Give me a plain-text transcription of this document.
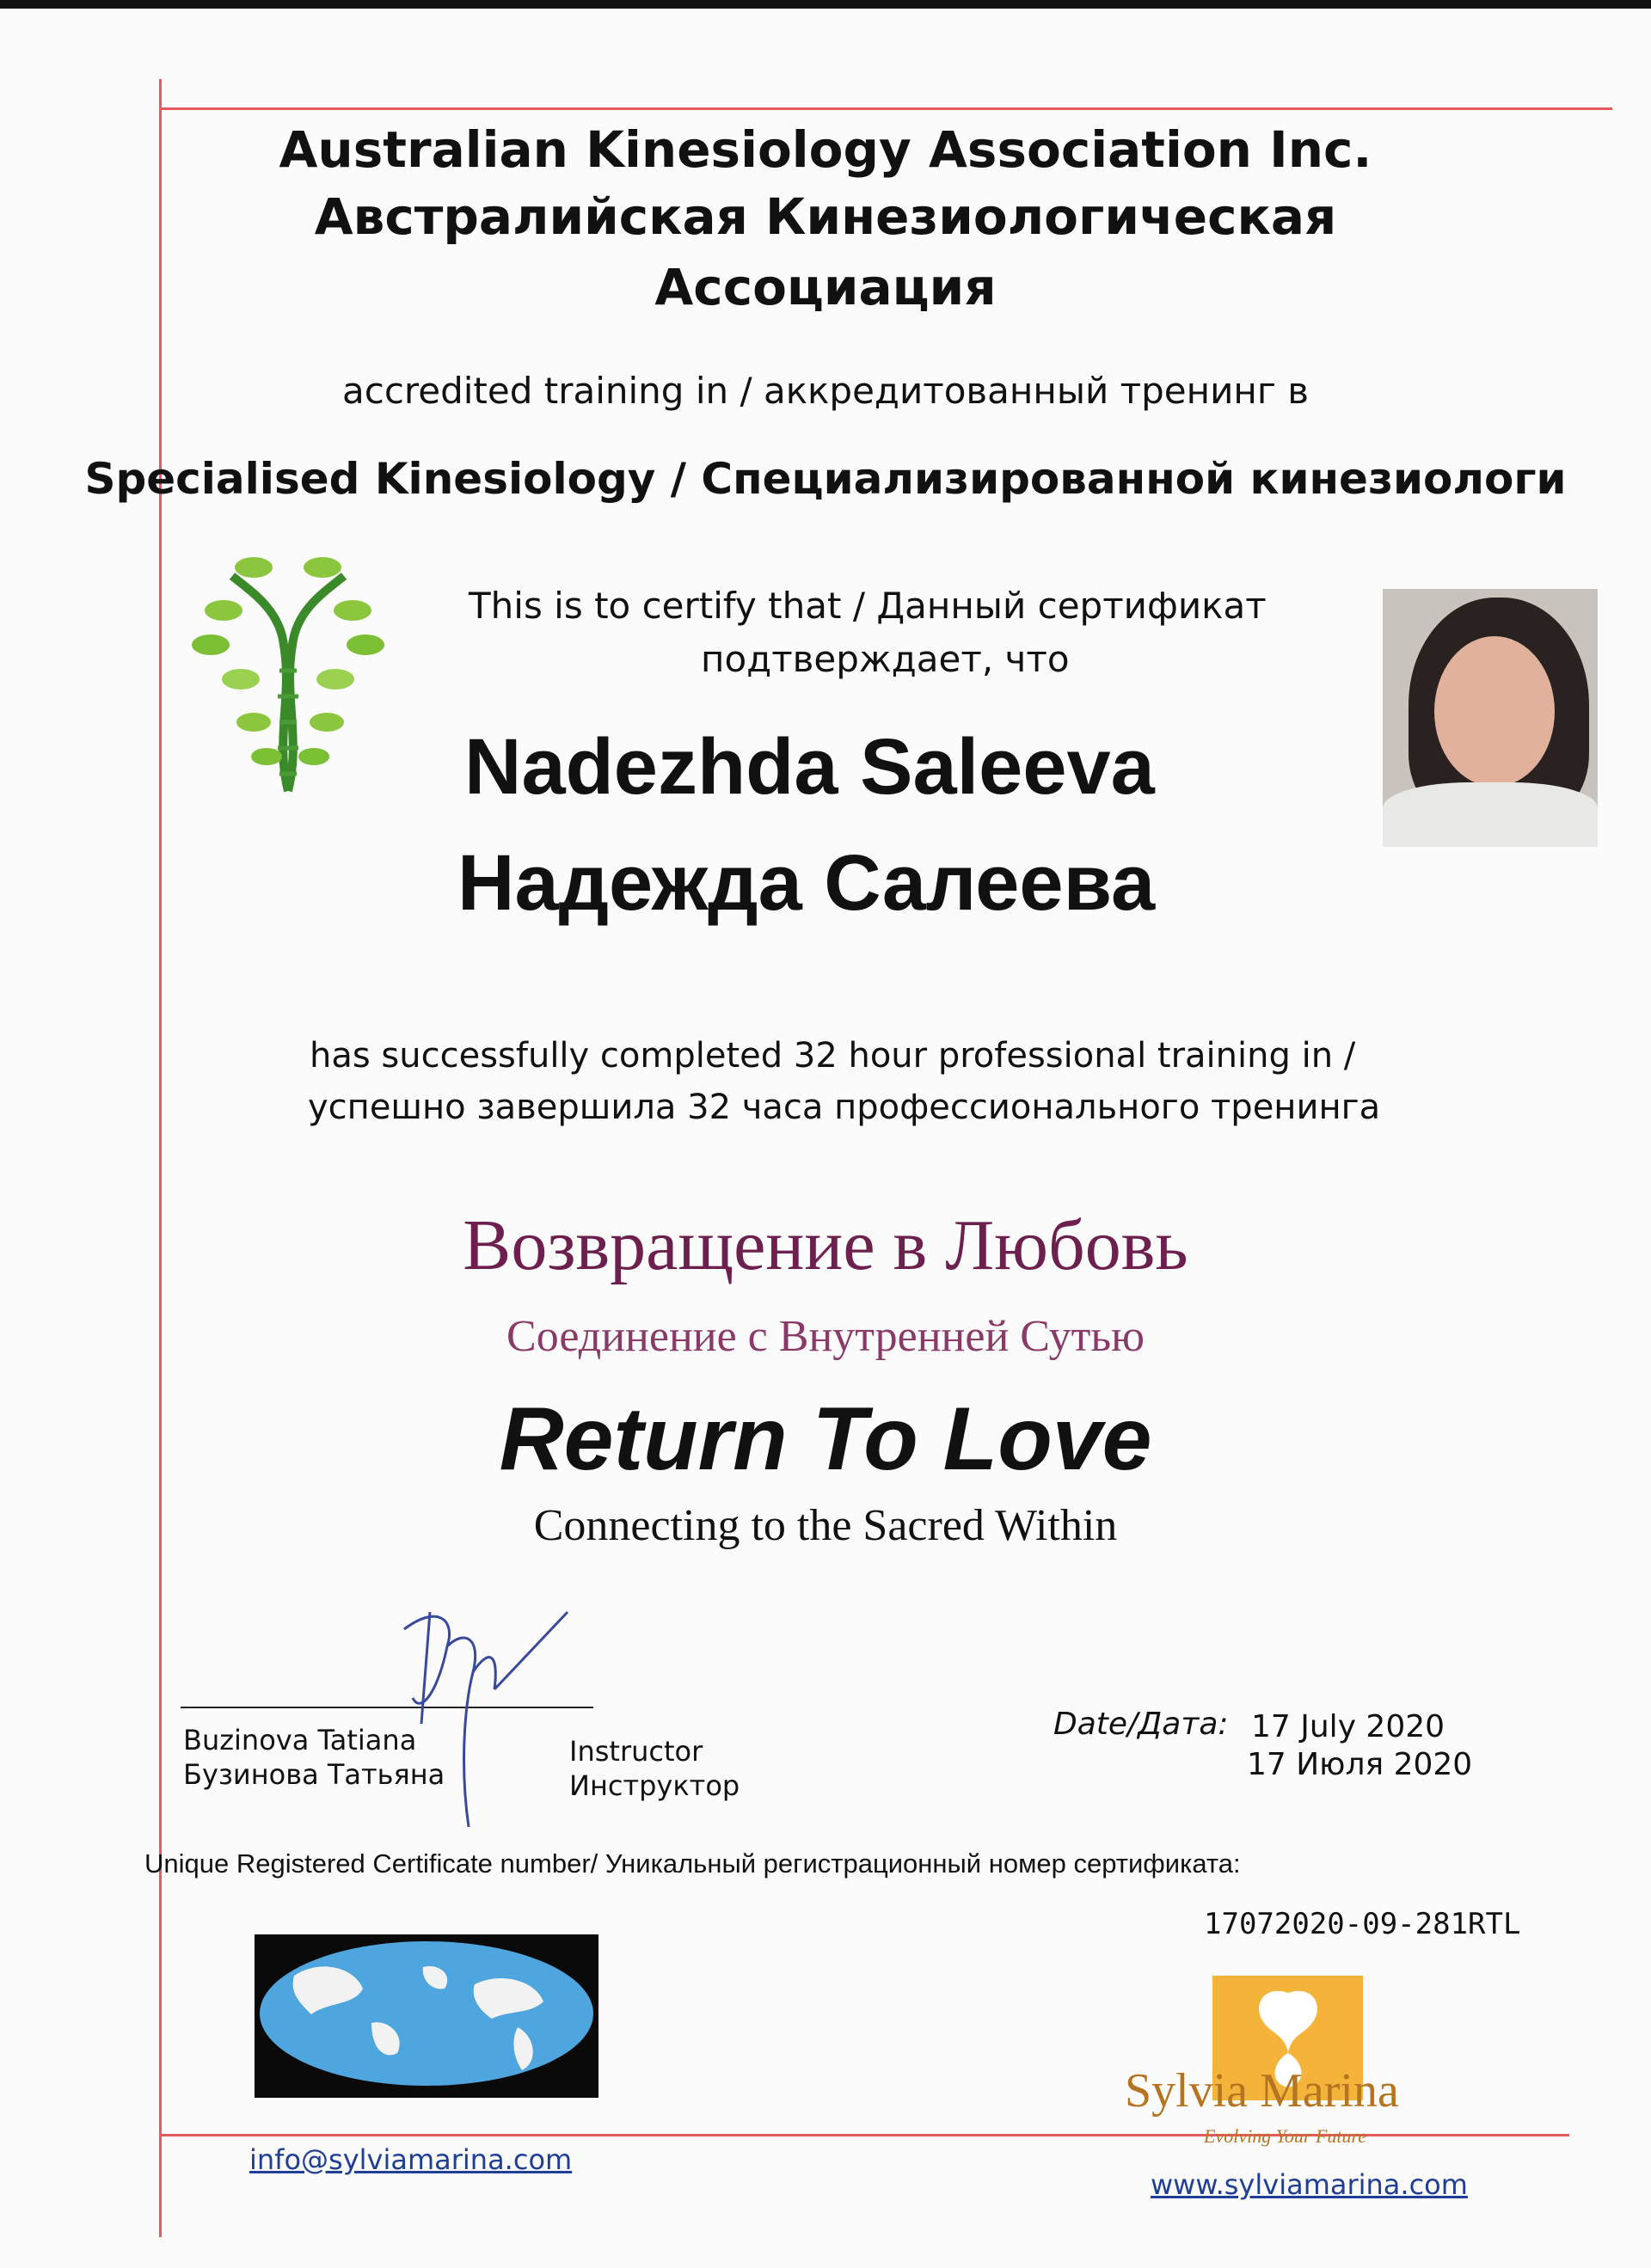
Australian Kinesiology Association Inc.
Австралийская Кинезиологическая
Ассоциация
accredited training in / аккредитованный тренинг в
Specialised Kinesiology / Специализированной кинезиологи
This is to certify that / Данный сертификат
подтверждает, что
Nadezhda Saleeva
Надежда Салеева
has successfully completed 32 hour professional training in /
успешно завершила 32 часа профессионального тренинга
Возвращение в Любовь
Соединение с Внутренней Сутью
Return To Love
Connecting to the Sacred Within
Buzinova Tatiana
Бузинова Татьяна
Instructor
Инструктор
Date/Дата: 17 July 2020
17 Июля 2020
Unique Registered Certificate number/ Уникальный регистрационный номер сертификата:
17072020-09-281RTL
Sylvia Marina
Evolving Your Future
info@sylviamarina.com
www.sylviamarina.com
